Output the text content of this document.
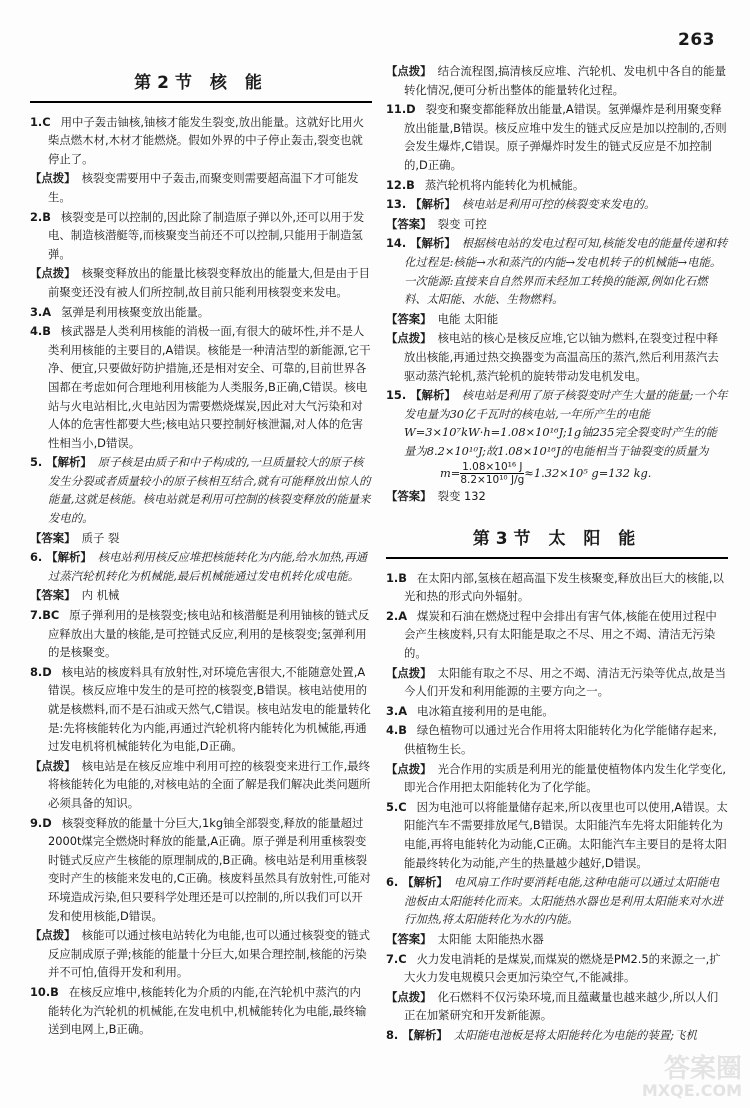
263
第2节 核 能
1.C 用中子轰击铀核,铀核才能发生裂变,放出能量。这就好比用火柴点燃木材,木材才能燃烧。假如外界的中子停止轰击,裂变也就停止了。
【点拨】 核裂变需要用中子轰击,而聚变则需要超高温下才可能发生。
2.B 核裂变是可以控制的,因此除了制造原子弹以外,还可以用于发电、制造核潜艇等,而核聚变当前还不可以控制,只能用于制造氢弹。
【点拨】 核聚变释放出的能量比核裂变释放出的能量大,但是由于目前聚变还没有被人们所控制,故目前只能利用核裂变来发电。
3.A 氢弹是利用核聚变放出能量。
4.B 核武器是人类利用核能的消极一面,有很大的破坏性,并不是人类利用核能的主要目的,A错误。核能是一种清洁型的新能源,它干净、便宜,只要做好防护措施,还是相对安全、可靠的,目前世界各国都在考虑如何合理地利用核能为人类服务,B正确,C错误。核电站与火电站相比,火电站因为需要燃烧煤炭,因此对大气污染和对人体的危害性都要大些;核电站只要控制好核泄漏,对人体的危害性相当小,D错误。
5. 【解析】 原子核是由质子和中子构成的,一旦质量较大的原子核发生分裂或者质量较小的原子核相互结合,就有可能释放出惊人的能量,这就是核能。核电站就是利用可控制的核裂变释放的能量来发电的。
【答案】 质子 裂
6. 【解析】 核电站利用核反应堆把核能转化为内能,给水加热,再通过蒸汽轮机转化为机械能,最后机械能通过发电机转化成电能。
【答案】 内 机械
7.BC 原子弹利用的是核裂变;核电站和核潜艇是利用铀核的链式反应释放出大量的核能,是可控链式反应,利用的是核裂变;氢弹利用的是核聚变。
8.D 核电站的核废料具有放射性,对环境危害很大,不能随意处置,A错误。核反应堆中发生的是可控的核裂变,B错误。核电站使用的就是核燃料,而不是石油或天然气,C错误。核电站发电的能量转化是:先将核能转化为内能,再通过汽轮机将内能转化为机械能,再通过发电机将机械能转化为电能,D正确。
【点拨】 核电站是在核反应堆中利用可控的核裂变来进行工作,最终将核能转化为电能的,对核电站的全面了解是我们解决此类问题所必须具备的知识。
9.D 核裂变释放的能量十分巨大,1kg铀全部裂变,释放的能量超过2000t煤完全燃烧时释放的能量,A正确。原子弹是利用重核裂变时链式反应产生核能的原理制成的,B正确。核电站是利用重核裂变时产生的核能来发电的,C正确。核废料虽然具有放射性,可能对环境造成污染,但只要科学处理还是可以控制的,所以我们可以开发和使用核能,D错误。
【点拨】 核能可以通过核电站转化为电能,也可以通过核裂变的链式反应制成原子弹;核能的能量十分巨大,如果合理控制,核能的污染并不可怕,值得开发和利用。
10.B 在核反应堆中,核能转化为介质的内能,在汽轮机中蒸汽的内能转化为汽轮机的机械能,在发电机中,机械能转化为电能,最终输送到电网上,B正确。
【点拨】 结合流程图,搞清核反应堆、汽轮机、发电机中各自的能量转化情况,便可分析出整体的能量转化过程。
11.D 裂变和聚变都能释放出能量,A错误。氢弹爆炸是利用聚变释放出能量,B错误。核反应堆中发生的链式反应是加以控制的,否则会发生爆炸,C错误。原子弹爆炸时发生的链式反应是不加控制的,D正确。
12.B 蒸汽轮机将内能转化为机械能。
13. 【解析】 核电站是利用可控的核裂变来发电的。
【答案】 裂变 可控
14. 【解析】 根据核电站的发电过程可知,核能发电的能量传递和转化过程是:核能→水和蒸汽的内能→发电机转子的机械能→电能。一次能源:直接来自自然界而未经加工转换的能源,例如化石燃料、太阳能、水能、生物燃料。
【答案】 电能 太阳能
【点拨】 核电站的核心是核反应堆,它以铀为燃料,在裂变过程中释放出核能,再通过热交换器变为高温高压的蒸汽,然后利用蒸汽去驱动蒸汽轮机,蒸汽轮机的旋转带动发电机发电。
15. 【解析】 核电站是利用了原子核裂变时产生大量的能量;一个年发电量为30亿千瓦时的核电站,一年所产生的电能W=3×10⁷kW·h=1.08×10¹⁶J;1g铀235完全裂变时产生的能量为8.2×10¹⁰J;故1.08×10¹⁶J的电能相当于铀裂变的质量为
$m= \frac{\text{1.08×10¹⁶ J}}{\text{8.2×10¹⁰ J/g}} \approx 1.32\times 10^5$ g=132 kg.
【答案】 裂变 132
第3节 太 阳 能
1.B 在太阳内部,氢核在超高温下发生核聚变,释放出巨大的核能,以光和热的形式向外辐射。
2.A 煤炭和石油在燃烧过程中会排出有害气体,核能在使用过程中会产生核废料,只有太阳能是取之不尽、用之不竭、清洁无污染的。
【点拨】 太阳能有取之不尽、用之不竭、清洁无污染等优点,故是当今人们开发和利用能源的主要方向之一。
3.A 电冰箱直接利用的是电能。
4.B 绿色植物可以通过光合作用将太阳能转化为化学能储存起来,供植物生长。
【点拨】 光合作用的实质是利用光的能量使植物体内发生化学变化,即光合作用把太阳能转化为了化学能。
5.C 因为电池可以将能量储存起来,所以夜里也可以使用,A错误。太阳能汽车不需要排放尾气,B错误。太阳能汽车先将太阳能转化为电能,再将电能转化为动能,C正确。太阳能汽车主要目的是将太阳能最终转化为动能,产生的热量越少越好,D错误。
6. 【解析】 电风扇工作时要消耗电能,这种电能可以通过太阳能电池板由太阳能转化而来。太阳能热水器也是利用太阳能来对水进行加热,将太阳能转化为水的内能。
【答案】 太阳能 太阳能热水器
7.C 火力发电消耗的是煤炭,而煤炭的燃烧是PM2.5的来源之一,扩大火力发电规模只会更加污染空气,不能减排。
【点拨】 化石燃料不仅污染环境,而且蕴藏量也越来越少,所以人们正在加紧研究和开发新能源。
8. 【解析】 太阳能电池板是将太阳能转化为电能的装置;飞机
答案圈
MXQE.COM
